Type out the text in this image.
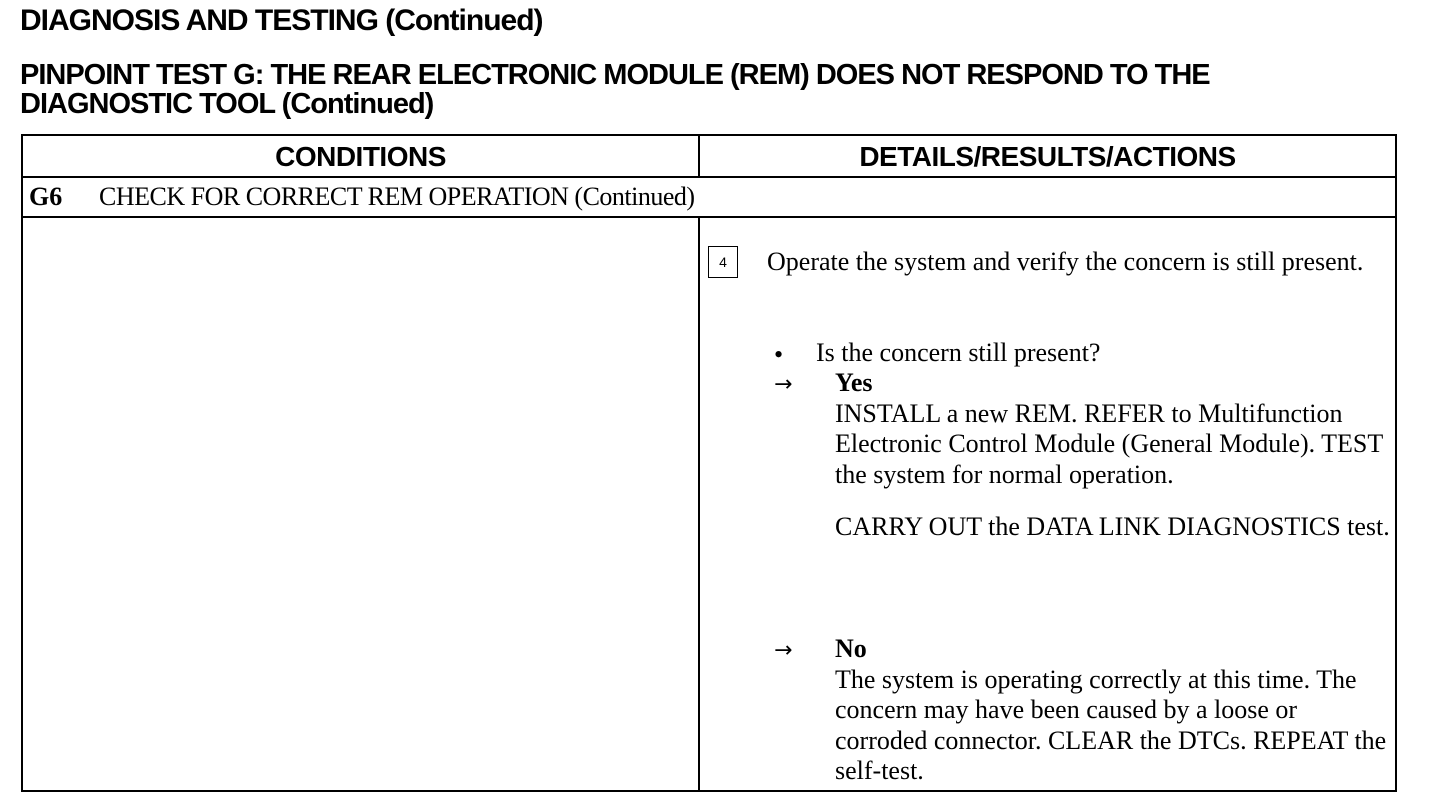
DIAGNOSIS AND TESTING (Continued)
PINPOINT TEST G: THE REAR ELECTRONIC MODULE (REM) DOES NOT RESPOND TO THE
DIAGNOSTIC TOOL (Continued)
CONDITIONS	DETAILS/RESULTS/ACTIONS
G6 CHECK FOR CORRECT REM OPERATION (Continued)
4	Operate the system and verify the concern is still present.
• Is the concern still present?
→ Yes

INSTALL a new REM. REFER to Multifunction Electronic Control Module (General Module). TEST the system for normal operation.

CARRY OUT the DATA LINK DIAGNOSTICS test.

→ No

The system is operating correctly at this time. The concern may have been caused by a loose or corroded connector. CLEAR the DTCs. REPEAT the self-test.
